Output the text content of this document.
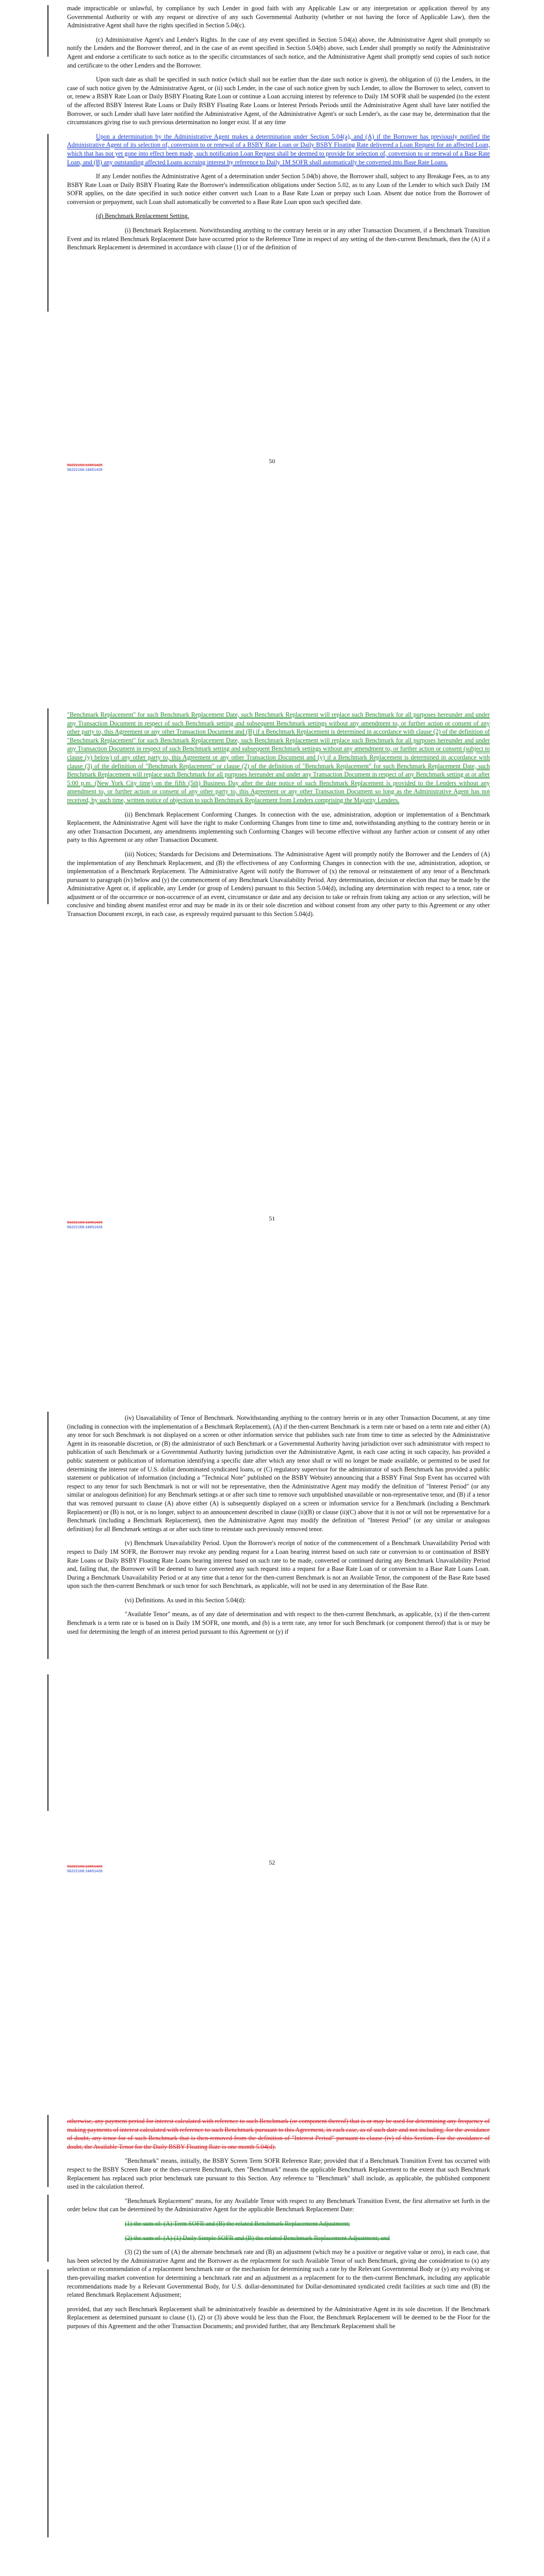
made impracticable or unlawful, by compliance by such Lender in good faith with any Applicable Law or any interpretation or application thereof by any Governmental Authority or with any request or directive of any such Governmental Authority (whether or not having the force of Applicable Law), then the Administrative Agent shall have the rights specified in Section 5.04(c).

(c) Administrative Agent's and Lender's Rights. In the case of any event specified in Section 5.04(a) above, the Administrative Agent shall promptly so notify the Lenders and the Borrower thereof, and in the case of an event specified in Section 5.04(b) above, such Lender shall promptly so notify the Administrative Agent and endorse a certificate to such notice as to the specific circumstances of such notice, and the Administrative Agent shall promptly send copies of such notice and certificate to the other Lenders and the Borrower.

Upon such date as shall be specified in such notice (which shall not be earlier than the date such notice is given), the obligation of (i) the Lenders, in the case of such notice given by the Administrative Agent, or (ii) such Lender, in the case of such notice given by such Lender, to allow the Borrower to select, convert to or, renew a BSBY Rate Loan or Daily BSBY Floating Rate Loan or continue a Loan accruing interest by reference to Daily 1M SOFR shall be suspended (to the extent of the affected BSBY Interest Rate Loans or Daily BSBY Floating Rate Loans or Interest Periods Periods until the Administrative Agent shall have later notified the Borrower, or such Lender shall have later notified the Administrative Agent, of the Administrative Agent's or such Lender's, as the case may be, determination that the circumstances giving rise to such previous determination no longer exist. If at any time

Upon a determination by the Administrative Agent makes a determination under Section 5.04(a), and (A) if the Borrower has previously notified the Administrative Agent of its selection of, conversion to or renewal of a BSBY Rate Loan or Daily BSBY Floating Rate delivered a Loan Request for an affected Loan, which that has not yet gone into effect been made, such notification Loan Request shall be deemed to provide for selection of, conversion to or renewal of a Base Rate Loan, and (B) any outstanding affected Loans accruing interest by reference to Daily 1M SOFR shall automatically be converted into Base Rate Loans.

If any Lender notifies the Administrative Agent of a determination under Section 5.04(b) above, the Borrower shall, subject to any Breakage Fees, as to any BSBY Rate Loan or Daily BSBY Floating Rate the Borrower's indemnification obligations under Section 5.02, as to any Loan of the Lender to which such Daily 1M SOFR applies, on the date specified in such notice either convert such Loan to a Base Rate Loan or prepay such Loan. Absent due notice from the Borrower of conversion or prepayment, such Loan shall automatically be converted to a Base Rate Loan upon such specified date.

(d) Benchmark Replacement Setting.

(i) Benchmark Replacement. Notwithstanding anything to the contrary herein or in any other Transaction Document, if a Benchmark Transition Event and its related Benchmark Replacement Date have occurred prior to the Reference Time in respect of any setting of the then-current Benchmark, then the (A) if a Benchmark Replacement is determined in accordance with clause (1) or of the definition of

56222166:18451426
56222166:18451426
50

"Benchmark Replacement" for such Benchmark Replacement Date, such Benchmark Replacement will replace such Benchmark for all purposes hereunder and under any Transaction Document in respect of such Benchmark setting and subsequent Benchmark settings without any amendment to, or further action or consent of any other party to, this Agreement or any other Transaction Document and (B) if a Benchmark Replacement is determined in accordance with clause (2) of the definition of "Benchmark Replacement" for such Benchmark Replacement Date, such Benchmark Replacement will replace such Benchmark for all purposes hereunder and under any Transaction Document in respect of such Benchmark setting and subsequent Benchmark settings without any amendment to, or further action or consent (subject to clause (y) below) of any other party to, this Agreement or any other Transaction Document and (y) if a Benchmark Replacement is determined in accordance with clause (3) of the definition of "Benchmark Replacement" or clause (2) of the definition of "Benchmark Replacement" for such Benchmark Replacement Date, such Benchmark Replacement will replace such Benchmark for all purposes hereunder and under any Transaction Document in respect of any Benchmark setting at or after 5:00 p.m. (New York City time) on the fifth (5th) Business Day after the date notice of such Benchmark Replacement is provided to the Lenders without any amendment to, or further action or consent of any other party to, this Agreement or any other Transaction Document so long as the Administrative Agent has not received, by such time, written notice of objection to such Benchmark Replacement from Lenders comprising the Majority Lenders.

(ii) Benchmark Replacement Conforming Changes. In connection with the use, administration, adoption or implementation of a Benchmark Replacement, the Administrative Agent will have the right to make Conforming Changes from time to time and, notwithstanding anything to the contrary herein or in any other Transaction Document, any amendments implementing such Conforming Changes will become effective without any further action or consent of any other party to this Agreement or any other Transaction Document.

(iii) Notices; Standards for Decisions and Determinations. The Administrative Agent will promptly notify the Borrower and the Lenders of (A) the implementation of any Benchmark Replacement, and (B) the effectiveness of any Conforming Changes in connection with the use, administration, adoption, or implementation of a Benchmark Replacement. The Administrative Agent will notify the Borrower of (x) the removal or reinstatement of any tenor of a Benchmark pursuant to paragraph (iv) below and (y) the commencement of any Benchmark Unavailability Period. Any determination, decision or election that may be made by the Administrative Agent or, if applicable, any Lender (or group of Lenders) pursuant to this Section 5.04(d), including any determination with respect to a tenor, rate or adjustment or of the occurrence or non-occurrence of an event, circumstance or date and any decision to take or refrain from taking any action or any selection, will be conclusive and binding absent manifest error and may be made in its or their sole discretion and without consent from any other party to this Agreement or any other Transaction Document except, in each case, as expressly required pursuant to this Section 5.04(d).

56222166:18451426
56222166:18451426
51

(iv) Unavailability of Tenor of Benchmark. Notwithstanding anything to the contrary herein or in any other Transaction Document, at any time (including in connection with the implementation of a Benchmark Replacement), (A) if the then-current Benchmark is a term rate or based on a term rate and either (A) any tenor for such Benchmark is not displayed on a screen or other information service that publishes such rate from time to time as selected by the Administrative Agent in its reasonable discretion, or (B) the administrator of such Benchmark or a Governmental Authority having jurisdiction over such administrator with respect to publication of such Benchmark or a Governmental Authority having jurisdiction over the Administrative Agent, in each case acting in such capacity, has provided a public statement or publication of information identifying a specific date after which any tenor shall or will no longer be made available, or permitted to be used for determining the interest rate of U.S. dollar denominated syndicated loans, or (C) regulatory supervisor for the administrator of such Benchmark has provided a public statement or publication of information (including a "Technical Note" published on the BSBY Website) announcing that a BSBY Final Stop Event has occurred with respect to any tenor for such Benchmark is not or will not be representative, then the Administrative Agent may modify the definition of "Interest Period" (or any similar or analogous definition) for any Benchmark settings at or after such time to remove such unpublished unavailable or non-representative tenor, and (B) if a tenor that was removed pursuant to clause (A) above either (A) is subsequently displayed on a screen or information service for a Benchmark (including a Benchmark Replacement) or (B) is not, or is no longer, subject to an announcement described in clause (ii)(B) or clause (ii)(C) above that it is not or will not be representative for a Benchmark (including a Benchmark Replacement), then the Administrative Agent may modify the definition of "Interest Period" (or any similar or analogous definition) for all Benchmark settings at or after such time to reinstate such previously removed tenor.

(v) Benchmark Unavailability Period. Upon the Borrower's receipt of notice of the commencement of a Benchmark Unavailability Period with respect to Daily 1M SOFR, the Borrower may revoke any pending request for a Loan bearing interest based on such rate or conversion to or continuation of BSBY Rate Loans or Daily BSBY Floating Rate Loans bearing interest based on such rate to be made, converted or continued during any Benchmark Unavailability Period and, failing that, the Borrower will be deemed to have converted any such request into a request for a Base Rate Loan of or conversion to a Base Rate Loans Loan. During a Benchmark Unavailability Period or at any time that a tenor for the then-current Benchmark is not an Available Tenor, the component of the Base Rate based upon such the then-current Benchmark or such tenor for such Benchmark, as applicable, will not be used in any determination of the Base Rate.

(vi) Definitions. As used in this Section 5.04(d):

"Available Tenor" means, as of any date of determination and with respect to the then-current Benchmark, as applicable, (x) if the then-current Benchmark is a term rate or is based on is Daily 1M SOFR, one month, and (b) is a term rate, any tenor for such Benchmark (or component thereof) that is or may be used for determining the length of an interest period pursuant to this Agreement or (y) if

56222166:18451426
56222166:18451426
52

otherwise, any payment period for interest calculated with reference to such Benchmark (or component thereof) that is or may be used for determining any frequency of making payments of interest calculated with reference to such Benchmark pursuant to this Agreement, in each case, as of such date and not including, for the avoidance of doubt, any tenor for of such Benchmark that is then-removed from the definition of "Interest Period" pursuant to clause (iv) of this Section. For the avoidance of doubt, the Available Tenor for the Daily BSBY Floating Rate is one month 5.04(d).

"Benchmark" means, initially, the BSBY Screen Term SOFR Reference Rate; provided that if a Benchmark Transition Event has occurred with respect to the BSBY Screen Rate or the then-current Benchmark, then "Benchmark" means the applicable Benchmark Replacement to the extent that such Benchmark Replacement has replaced such prior benchmark rate pursuant to this Section. Any reference to "Benchmark" shall include, as applicable, the published component used in the calculation thereof.

"Benchmark Replacement" means, for any Available Tenor with respect to any Benchmark Transition Event, the first alternative set forth in the order below that can be determined by the Administrative Agent for the applicable Benchmark Replacement Date:

(1) the sum of: (A) Term SOFR and (B) the related Benchmark Replacement Adjustment;

(2) the sum of: (A) (1) Daily Simple SOFR and (B) the related Benchmark Replacement Adjustment; and

(3) (2) the sum of (A) the alternate benchmark rate and (B) an adjustment (which may be a positive or negative value or zero), in each case, that has been selected by the Administrative Agent and the Borrower as the replacement for such Available Tenor of such Benchmark, giving due consideration to (x) any selection or recommendation of a replacement benchmark rate or the mechanism for determining such a rate by the Relevant Governmental Body or (y) any evolving or then-prevailing market convention for determining a benchmark rate and an adjustment as a replacement for to the then-current Benchmark, including any applicable recommendations made by a Relevant Governmental Body, for U.S. dollar-denominated for Dollar-denominated syndicated credit facilities at such time and (B) the related Benchmark Replacement Adjustment;

provided, that any such Benchmark Replacement shall be administratively feasible as determined by the Administrative Agent in its sole discretion. If the Benchmark Replacement as determined pursuant to clause (1), (2) or (3) above would be less than the Floor, the Benchmark Replacement will be deemed to be the Floor for the purposes of this Agreement and the other Transaction Documents; and provided further, that any Benchmark Replacement shall be
